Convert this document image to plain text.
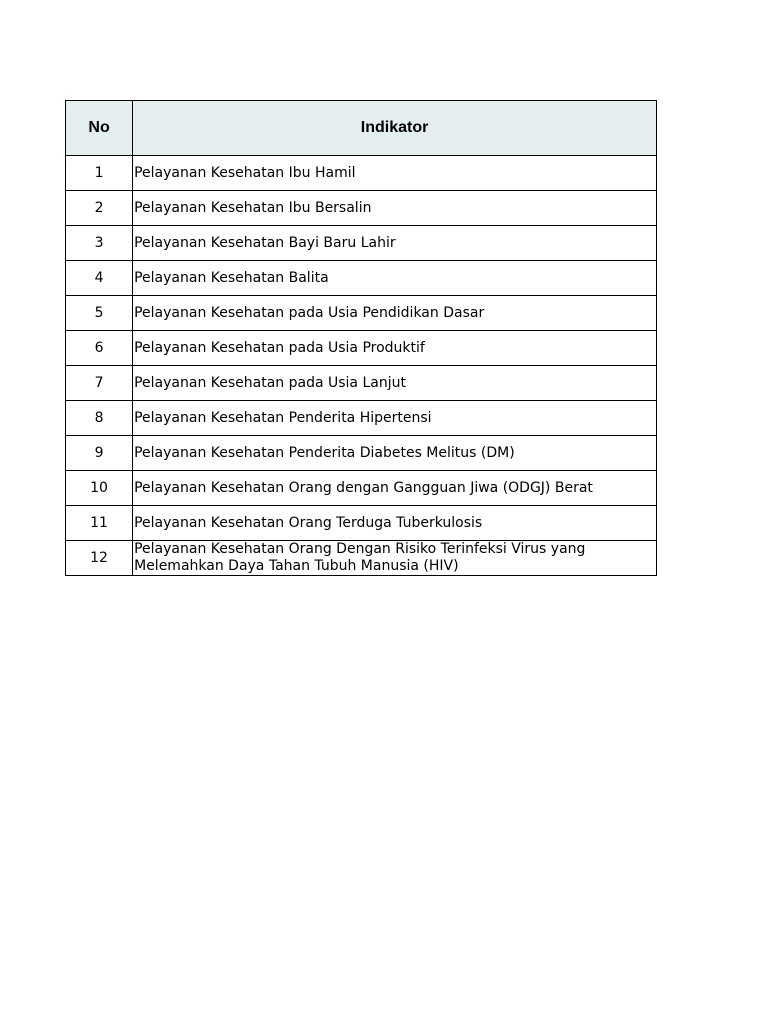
No	Indikator
1	Pelayanan Kesehatan Ibu Hamil
2	Pelayanan Kesehatan Ibu Bersalin
3	Pelayanan Kesehatan Bayi Baru Lahir
4	Pelayanan Kesehatan Balita
5	Pelayanan Kesehatan pada Usia Pendidikan Dasar
6	Pelayanan Kesehatan pada Usia Produktif
7	Pelayanan Kesehatan pada Usia Lanjut
8	Pelayanan Kesehatan Penderita Hipertensi
9	Pelayanan Kesehatan Penderita Diabetes Melitus (DM)
10	Pelayanan Kesehatan Orang dengan Gangguan Jiwa (ODGJ) Berat
11	Pelayanan Kesehatan Orang Terduga Tuberkulosis
12	Pelayanan Kesehatan Orang Dengan Risiko Terinfeksi Virus yang Melemahkan Daya Tahan Tubuh Manusia (HIV)
